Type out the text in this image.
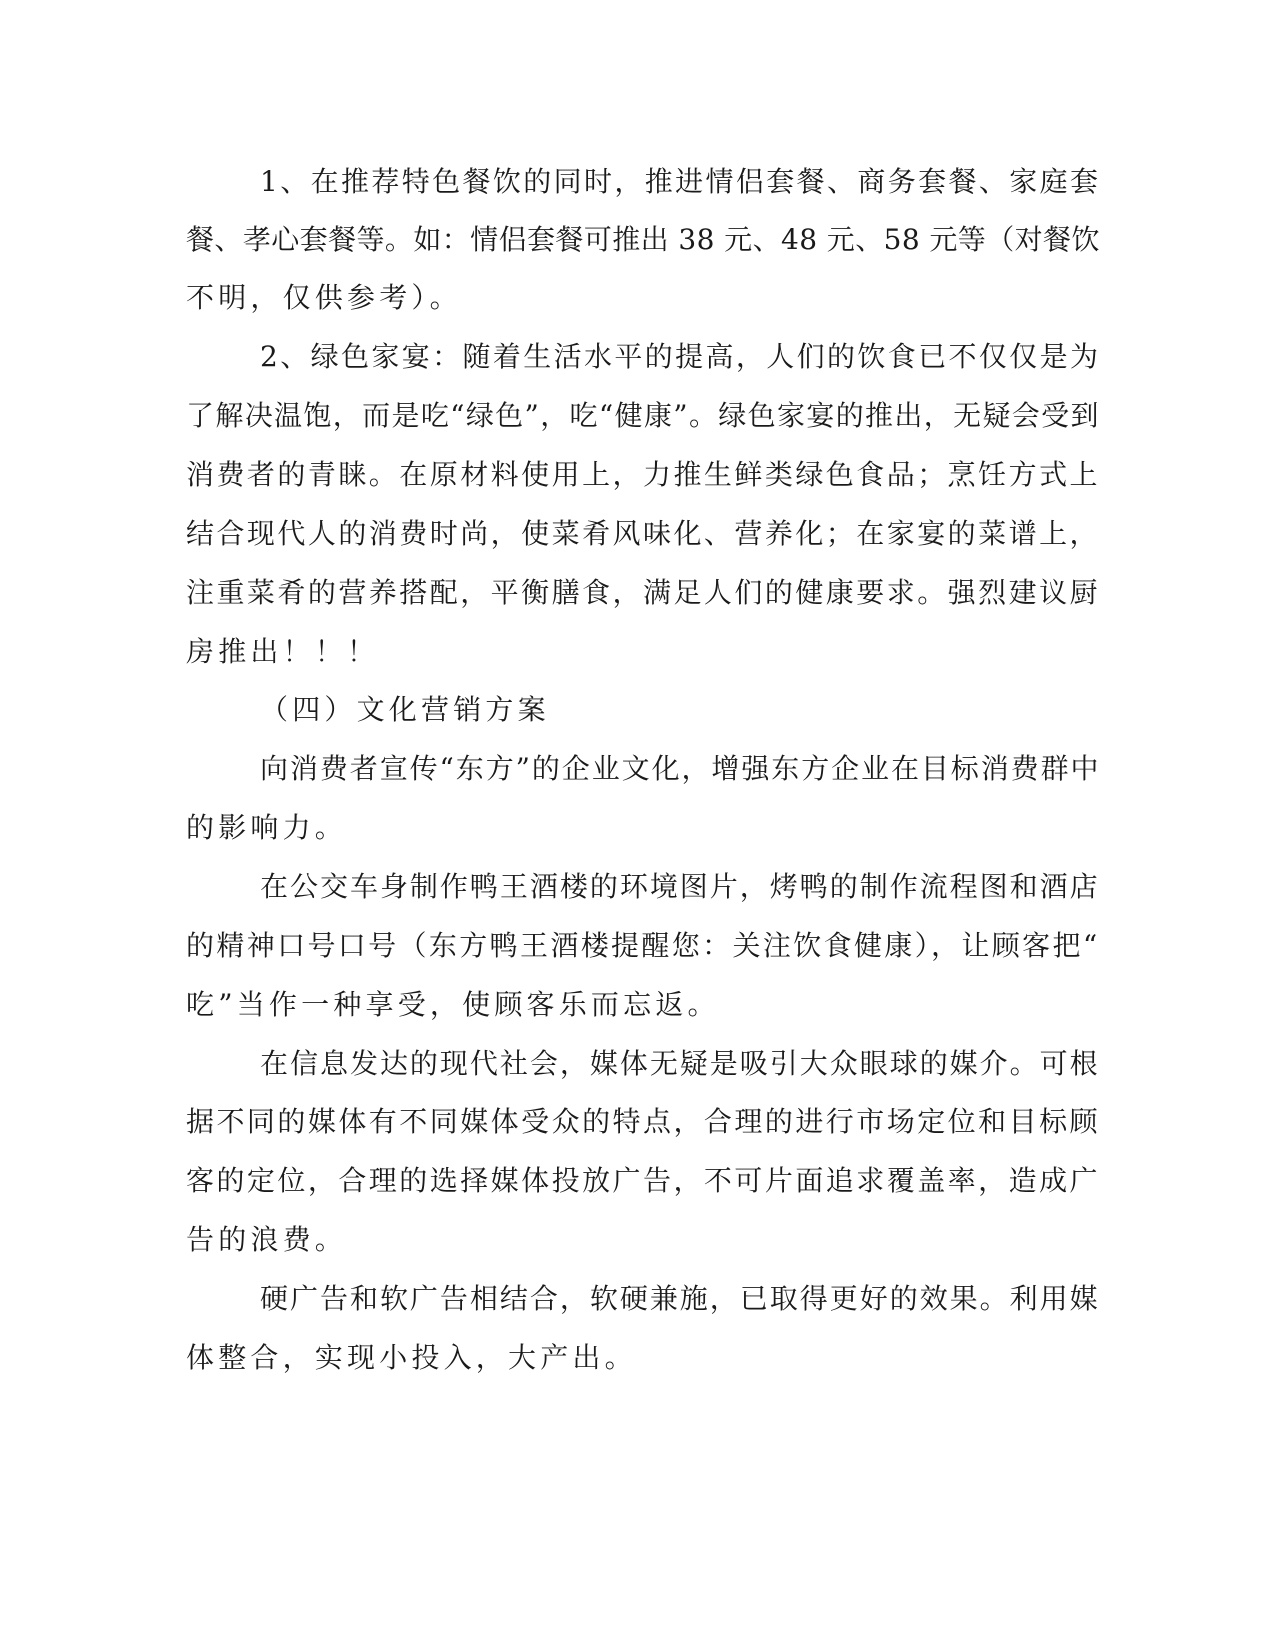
1、在推荐特色餐饮的同时，推进情侣套餐、商务套餐、家庭套
餐、孝心套餐等。如：情侣套餐可推出 38 元、48 元、58 元等（对餐饮
不明，仅供参考）。
2、绿色家宴：随着生活水平的提高，人们的饮食已不仅仅是为
了解决温饱，而是吃“绿色”，吃“健康”。绿色家宴的推出，无疑会受到
消费者的青睐。在原材料使用上，力推生鲜类绿色食品；烹饪方式上
结合现代人的消费时尚，使菜肴风味化、营养化；在家宴的菜谱上，
注重菜肴的营养搭配，平衡膳食，满足人们的健康要求。强烈建议厨
房推出！！！
（四）文化营销方案
向消费者宣传“东方”的企业文化，增强东方企业在目标消费群中
的影响力。
在公交车身制作鸭王酒楼的环境图片，烤鸭的制作流程图和酒店
的精神口号口号（东方鸭王酒楼提醒您：关注饮食健康），让顾客把“
吃”当作一种享受，使顾客乐而忘返。
在信息发达的现代社会，媒体无疑是吸引大众眼球的媒介。可根
据不同的媒体有不同媒体受众的特点，合理的进行市场定位和目标顾
客的定位，合理的选择媒体投放广告，不可片面追求覆盖率，造成广
告的浪费。
硬广告和软广告相结合，软硬兼施，已取得更好的效果。利用媒
体整合，实现小投入，大产出。
